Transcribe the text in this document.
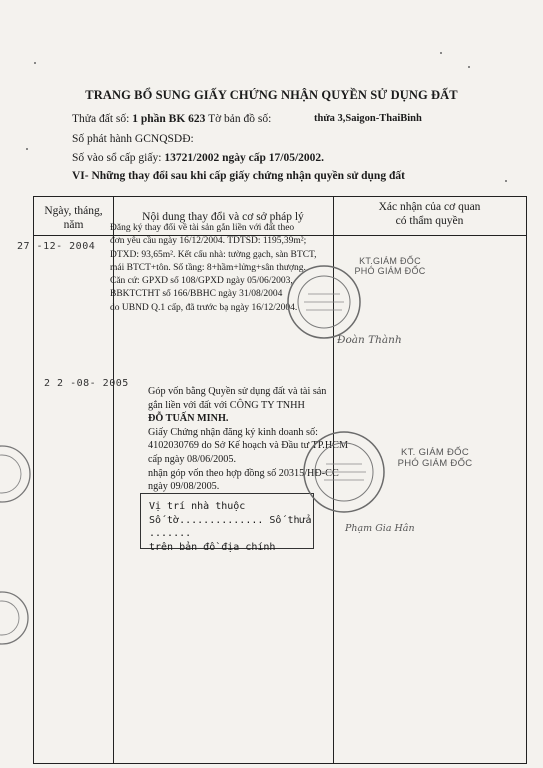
TRANG BỔ SUNG GIẤY CHỨNG NHẬN QUYỀN SỬ DỤNG ĐẤT
Thửa đất số: 1 phần BK 623 Tờ bản đồ số:	thửa 3,Saigon-ThaiBinh
Số phát hành GCNQSDĐ:
Số vào sổ cấp giấy: 13721/2002 ngày cấp 17/05/2002.
VI- Những thay đổi sau khi cấp giấy chứng nhận quyền sử dụng đất
Ngày, tháng,
năm
Nội dung thay đổi và cơ sở pháp lý
Xác nhận của cơ quan
có thẩm quyền
27 -12- 2004
Đăng ký thay đổi về tài sản gắn liền với đất theo
đơn yêu cầu ngày 16/12/2004. TDTSD: 1195,39m²;
DTXD: 93,65m². Kết cấu nhà: tường gạch, sàn BTCT,
mái BTCT+tôn. Số tầng: 8+hầm+lửng+sân thượng.
Căn cứ: GPXD số 108/GPXD ngày 05/06/2003,
BBKTCTHT số 166/BBHC ngày 31/08/2004
do UBND Q.1 cấp, đã trước bạ ngày 16/12/2004.
KT.GIÁM ĐỐC
PHÓ GIÁM ĐỐC
Đoàn Thành
2 2 -08- 2005
Góp vốn bằng Quyền sử dụng đất và tài sản
gắn liền với đất với CÔNG TY TNHH
ĐỖ TUẤN MINH.
Giấy Chứng nhận đăng ký kinh doanh số:
4102030769 do Sở Kế hoạch và Đầu tư TP.HCM
cấp ngày 08/06/2005.
nhận góp vốn theo hợp đồng số 20315/HĐ-CC
ngày 09/08/2005.
KT. GIÁM ĐỐC
PHÓ GIÁM ĐỐC
Phạm Gia Hân
Vị trí nhà thuộc
Số tờ.............. Số thửa .......
trên bản đồ địa chính
